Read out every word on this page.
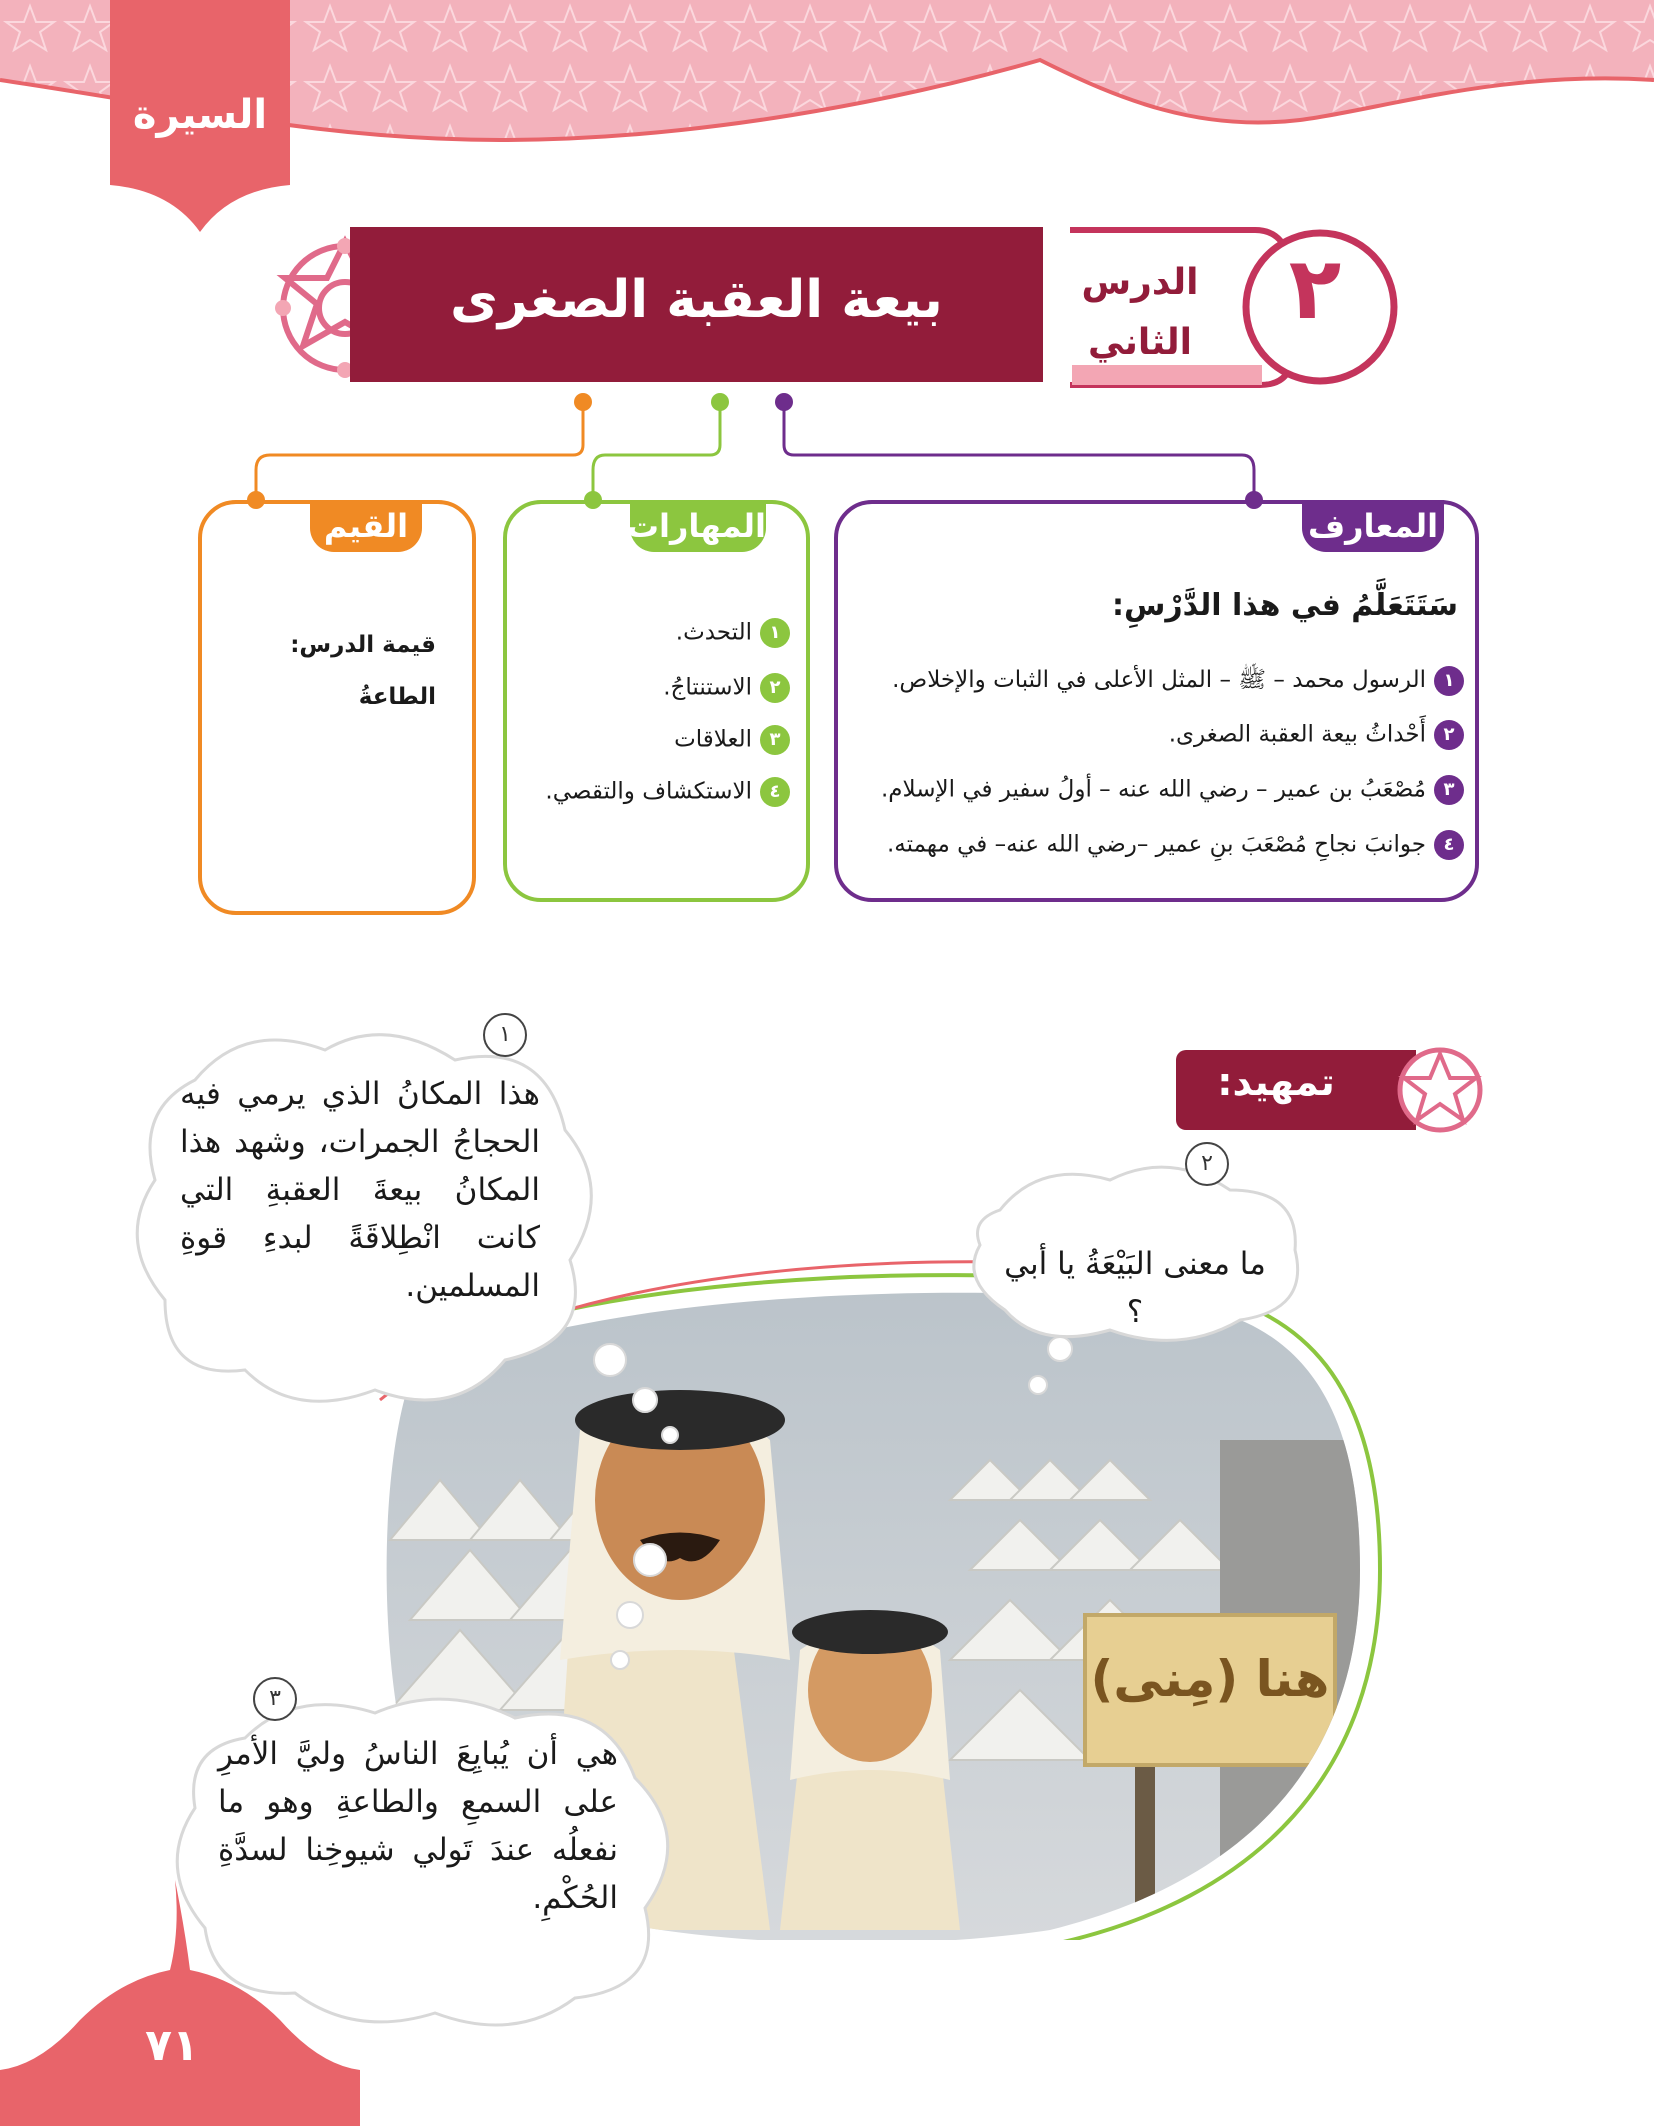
السيرة
بيعة العقبة الصغرى	الدرس
الثاني
٢
المعارف
سَتَتَعَلَّمُ في هذا الدَّرْسِ:
١الرسول محمد – ﷺ – المثل الأعلى في الثبات والإخلاص.
٢أَحْداثُ بيعة العقبة الصغرى.
٣مُصْعَبُ بن عمير – رضي الله عنه – أولُ سفير في الإسلام.
٤جوانبَ نجاحِ مُصْعَبَ بنِ عمير –رضي الله عنه– في مهمته.
المهارات
١التحدث.
٢الاستنتاجُ.
٣العلاقات
٤الاستكشاف والتقصي.
القيم
قيمة الدرس:
الطاعةُ
تمهيد:
هنا (مِنى)
١
هذا المكانُ الذي يرمي فيه الحجاجُ الجمرات، وشهد هذا المكانُ بيعةَ العقبةِ التي كانت انْطِلاقَةً لبدءِ قوةِ المسلمين.
٢
ما معنى البَيْعَةُ يا أبي ؟
٣
هي أن يُبايِعَ الناسُ وليَّ الأمرِ على السمعِ والطاعةِ وهو ما نفعلُه عندَ تَولي شيوخِنا لسدَّةِ الحُكْمِ.
٧١
